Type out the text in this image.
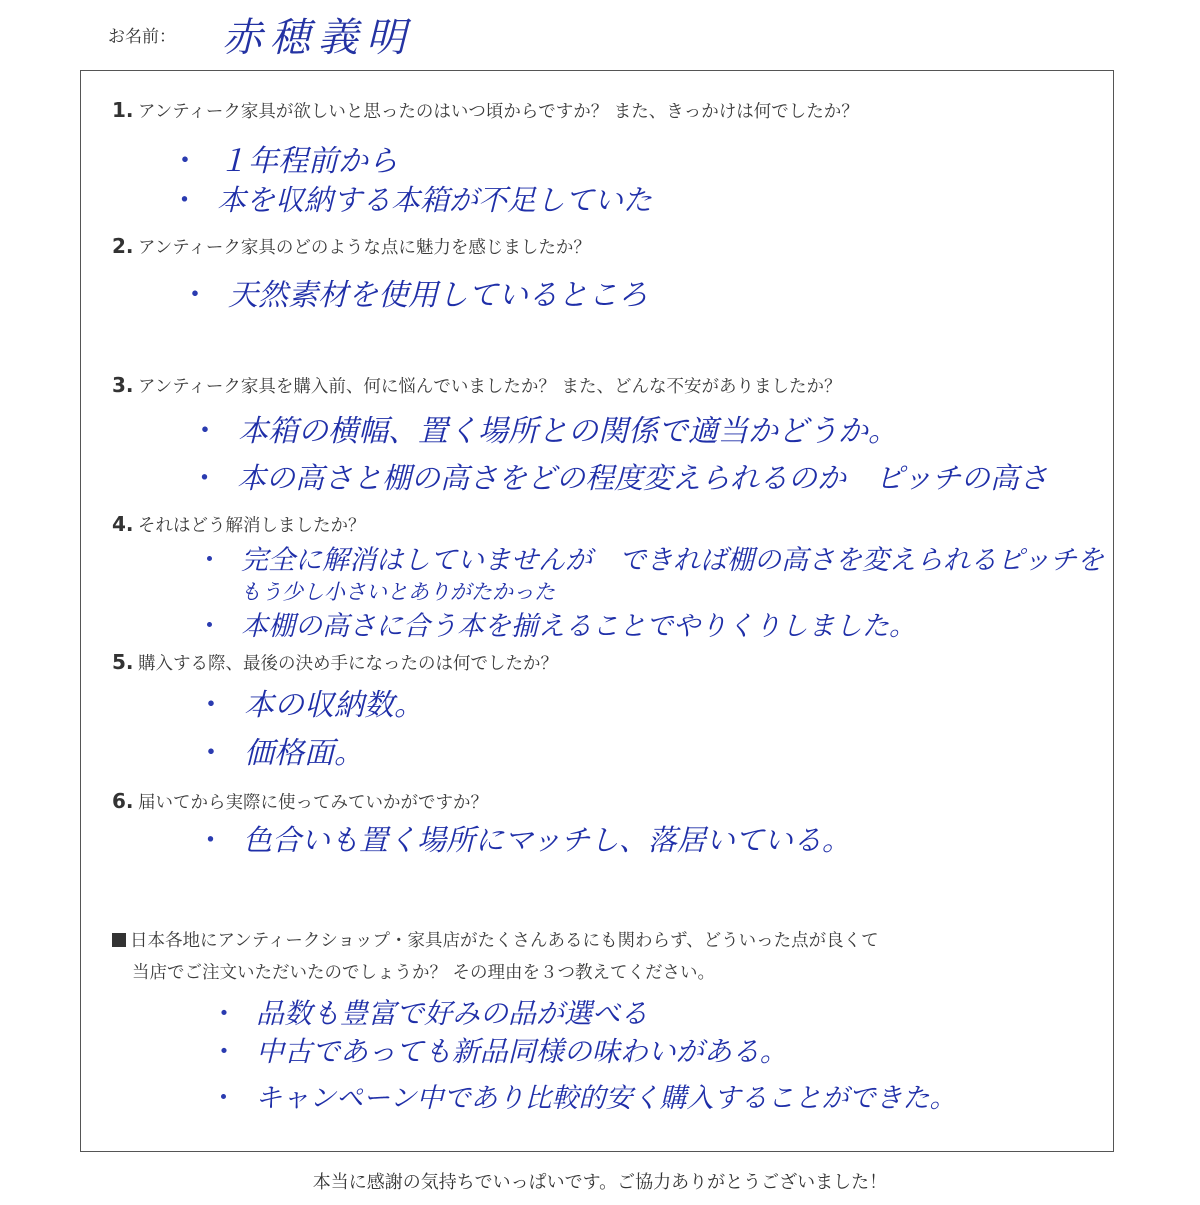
お名前： 赤穂義明
1. アンティーク家具が欲しいと思ったのはいつ頃からですか？ また、きっかけは何でしたか？
・ １年程前から
・ 本を収納する本箱が不足していた
2. アンティーク家具のどのような点に魅力を感じましたか？
・ 天然素材を使用しているところ
3. アンティーク家具を購入前、何に悩んでいましたか？ また、どんな不安がありましたか？
・ 本箱の横幅、置く場所との関係で適当かどうか。
・ 本の高さと棚の高さをどの程度変えられるのか　ピッチの高さ
4. それはどう解消しましたか？
・ 完全に解消はしていませんが　できれば棚の高さを変えられるピッチを
もう少し小さいとありがたかった
・ 本棚の高さに合う本を揃えることでやりくりしました。
5. 購入する際、最後の決め手になったのは何でしたか？
・ 本の収納数。
・ 価格面。
6. 届いてから実際に使ってみていかがですか？
・ 色合いも置く場所にマッチし、落居いている。
日本各地にアンティークショップ・家具店がたくさんあるにも関わらず、どういった点が良くて
当店でご注文いただいたのでしょうか？ その理由を３つ教えてください。
・ 品数も豊富で好みの品が選べる
・ 中古であっても新品同様の味わいがある。
・ キャンペーン中であり比較的安く購入することができた。
本当に感謝の気持ちでいっぱいです。ご協力ありがとうございました！
